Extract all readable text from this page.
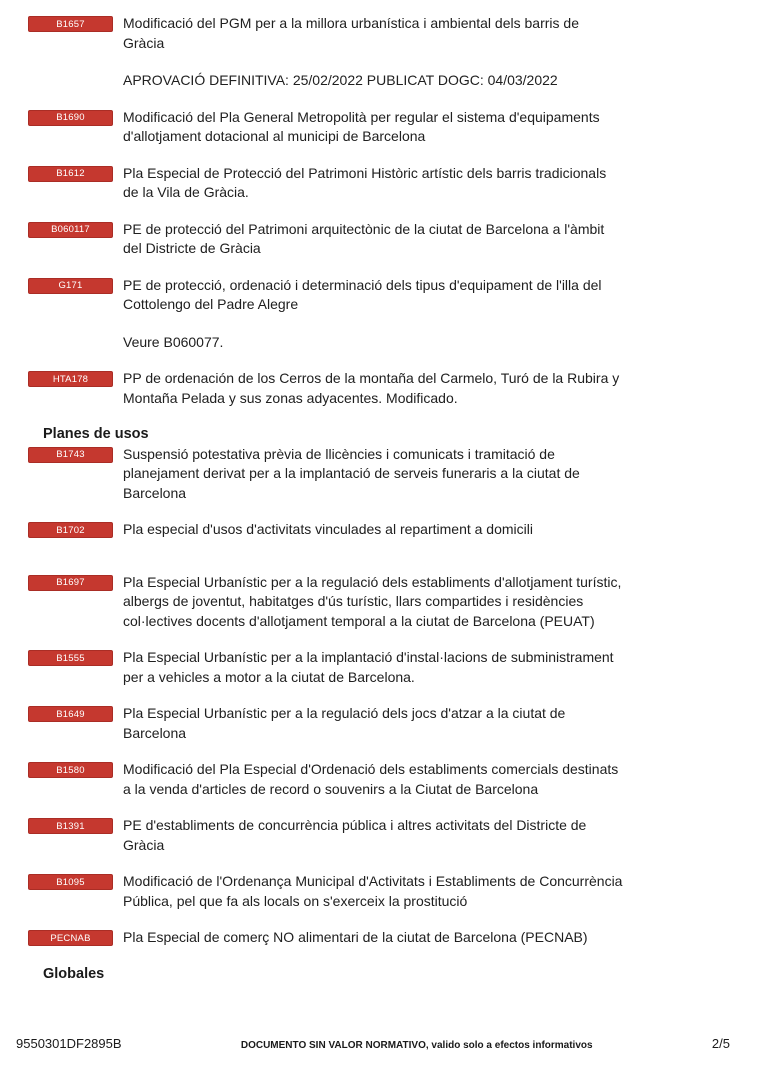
B1657	Modificació del PGM per a la millora urbanística i ambiental dels barris de Gràcia

APROVACIÓ DEFINITIVA: 25/02/2022 PUBLICAT DOGC: 04/03/2022

B1690	Modificació del Pla General Metropolità per regular el sistema d'equipaments d'allotjament dotacional al municipi de Barcelona

B1612	Pla Especial de Protecció del Patrimoni Històric artístic dels barris tradicionals de la Vila de Gràcia.

B060117	PE de protecció del Patrimoni arquitectònic de la ciutat de Barcelona a l'àmbit del Districte de Gràcia

G171	PE de protecció, ordenació i determinació dels tipus d'equipament de l'illa del Cottolengo del Padre Alegre

Veure B060077.

HTA178	PP de ordenación de los Cerros de la montaña del Carmelo, Turó de la Rubira y Montaña Pelada y sus zonas adyacentes. Modificado.

Planes de usos
B1743	Suspensió potestativa prèvia de llicències i comunicats i tramitació de planejament derivat per a la implantació de serveis funeraris a la ciutat de Barcelona

B1702	Pla especial d'usos d'activitats vinculades al repartiment a domicili

B1697	Pla Especial Urbanístic per a la regulació dels establiments d'allotjament turístic, albergs de joventut, habitatges d'ús turístic, llars compartides i residències col·lectives docents d'allotjament temporal a la ciutat de Barcelona (PEUAT)

B1555	Pla Especial Urbanístic per a la implantació d'instal·lacions de subministrament per a vehicles a motor a la ciutat de Barcelona.

B1649	Pla Especial Urbanístic per a la regulació dels jocs d'atzar a la ciutat de Barcelona

B1580	Modificació del Pla Especial d'Ordenació dels establiments comercials destinats a la venda d'articles de record o souvenirs a la Ciutat de Barcelona

B1391	PE d'establiments de concurrència pública i altres activitats del Districte de Gràcia

B1095	Modificació de l'Ordenança Municipal d'Activitats i Establiments de Concurrència Pública, pel que fa als locals on s'exerceix la prostitució

PECNAB	Pla Especial de comerç NO alimentari de la ciutat de Barcelona (PECNAB)

Globales
9550301DF2895B	DOCUMENTO SIN VALOR NORMATIVO, valido solo a efectos informativos	2/5
